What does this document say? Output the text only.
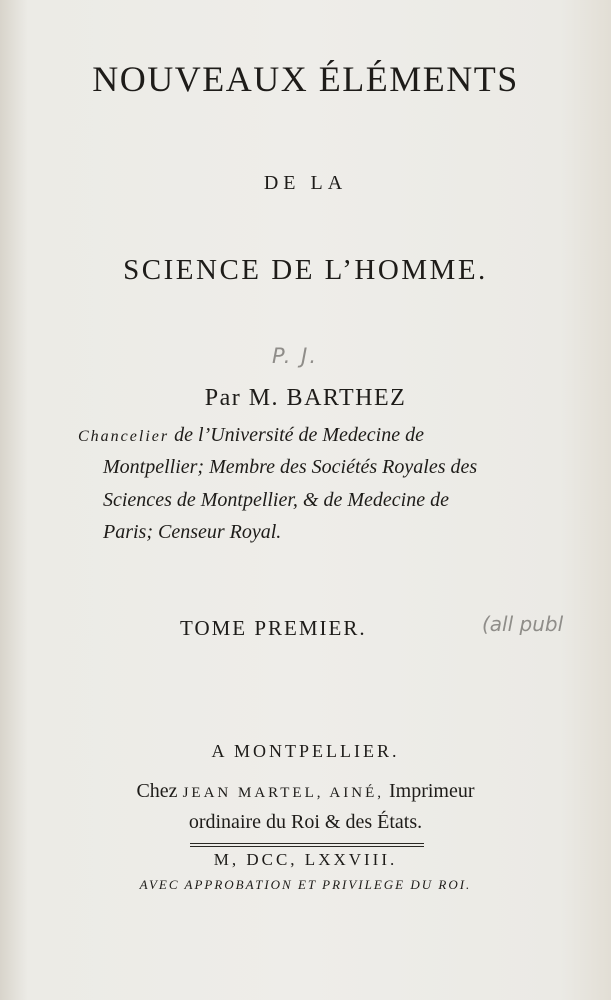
NOUVEAUX ÉLÉMENTS
DE LA
SCIENCE DE L’HOMME.
P. J.
Par M. BARTHEZ
Chancelier de l’Université de Medecine de
Montpellier; Membre des Sociétés Royales des
Sciences de Montpellier, & de Medecine de
Paris; Censeur Royal.
TOME PREMIER.	(all publ
A MONTPELLIER.
Chez JEAN MARTEL, AINÉ, Imprimeur
ordinaire du Roi & des États.
M, DCC, LXXVIII.
AVEC APPROBATION ET PRIVILEGE DU ROI.
